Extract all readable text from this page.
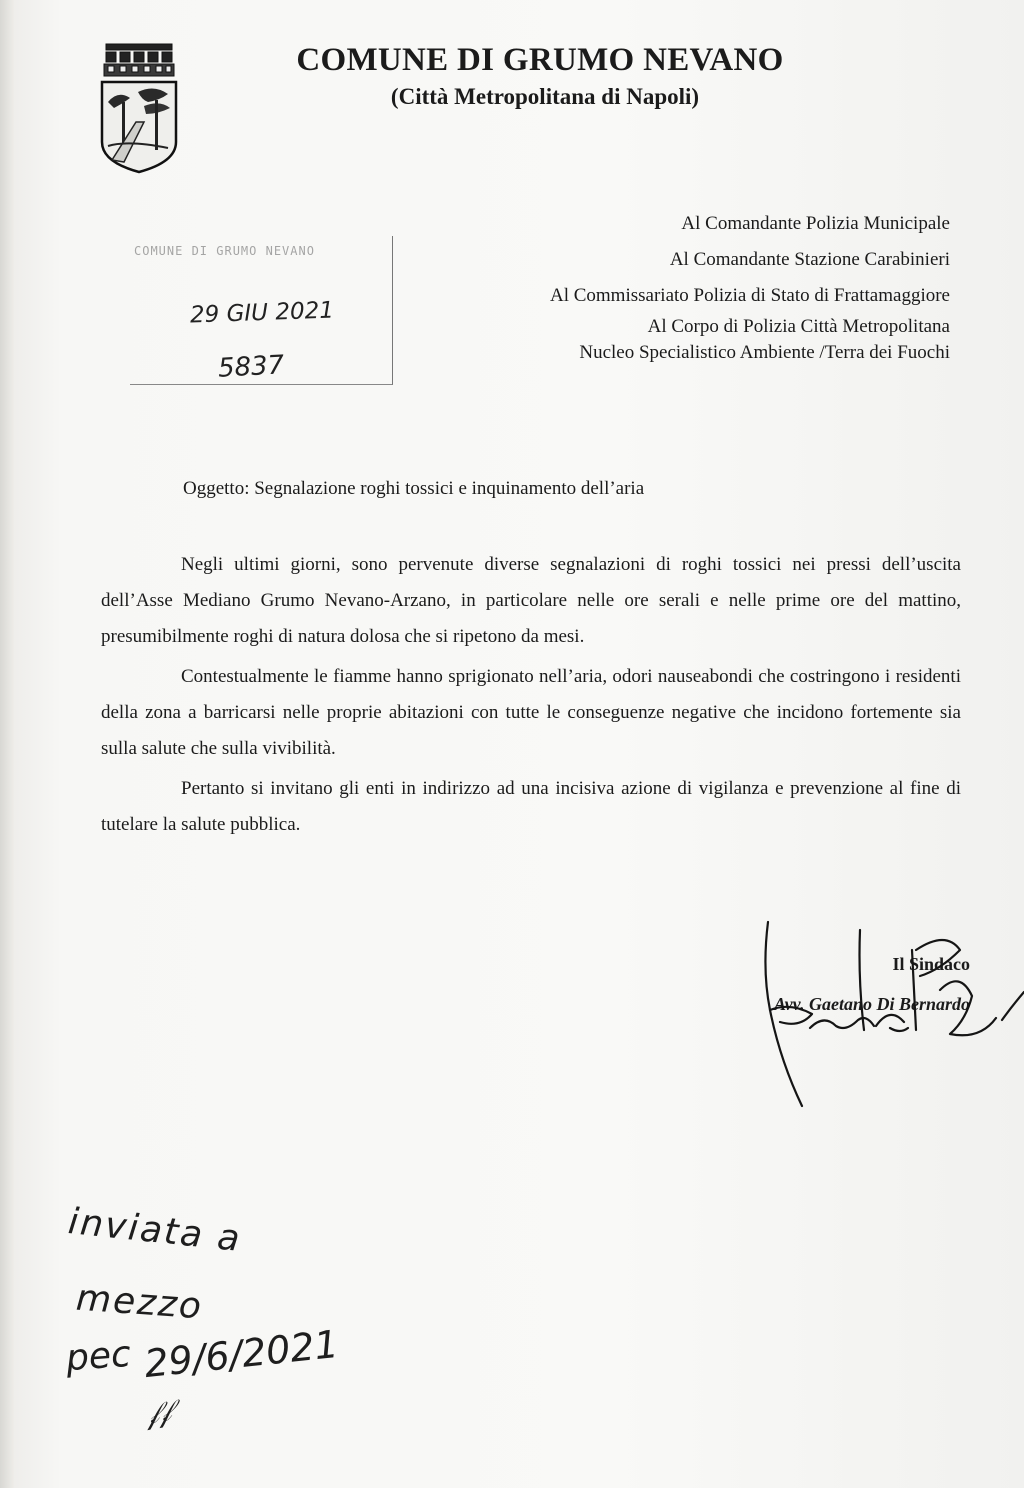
COMUNE DI GRUMO NEVANO
(Città Metropolitana di Napoli)
Al Comandante Polizia Municipale
Al Comandante Stazione Carabinieri
Al Commissariato Polizia di Stato di Frattamaggiore
Al Corpo di Polizia Città Metropolitana
Nucleo Specialistico Ambiente /Terra dei Fuochi
COMUNE DI GRUMO NEVANO
29 GIU 2021
5837
Oggetto: Segnalazione roghi tossici e inquinamento dell’aria

Negli ultimi giorni, sono pervenute diverse segnalazioni di roghi tossici nei pressi dell’uscita dell’Asse Mediano Grumo Nevano-Arzano, in particolare nelle ore serali e nelle prime ore del mattino, presumibilmente roghi di natura dolosa che si ripetono da mesi.

Contestualmente le fiamme hanno sprigionato nell’aria, odori nauseabondi che costringono i residenti della zona a barricarsi nelle proprie abitazioni con tutte le conseguenze negative che incidono fortemente sia sulla salute che sulla vivibilità.

Pertanto si invitano gli enti in indirizzo ad una incisiva azione di vigilanza e prevenzione al fine di tutelare la salute pubblica.

Il Sindaco
Avv. Gaetano Di Bernardo
inviata a
mezzo
pec 29/6/2021
𝒻𝒻
